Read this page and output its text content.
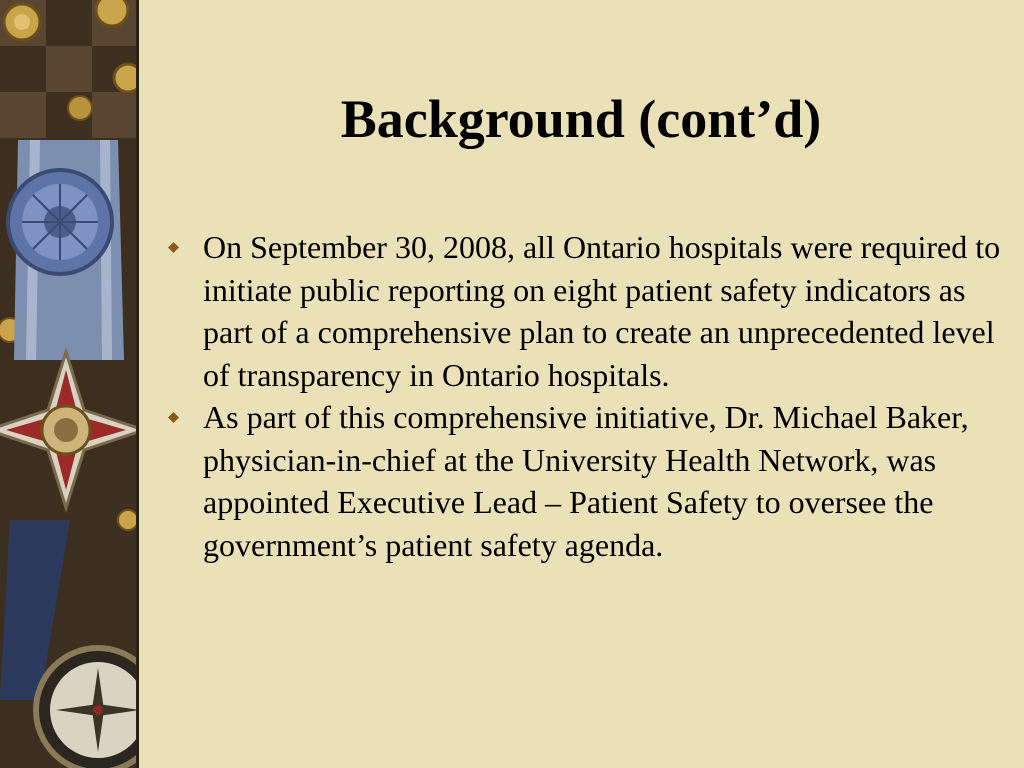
Background (cont’d)
On September 30, 2008, all Ontario hospitals were required to initiate public reporting on eight patient safety indicators as part of a comprehensive plan to create an unprecedented level of transparency in Ontario hospitals.
As part of this comprehensive initiative, Dr. Michael Baker, physician-in-chief at the University Health Network, was appointed Executive Lead – Patient Safety to oversee the government’s patient safety agenda.
